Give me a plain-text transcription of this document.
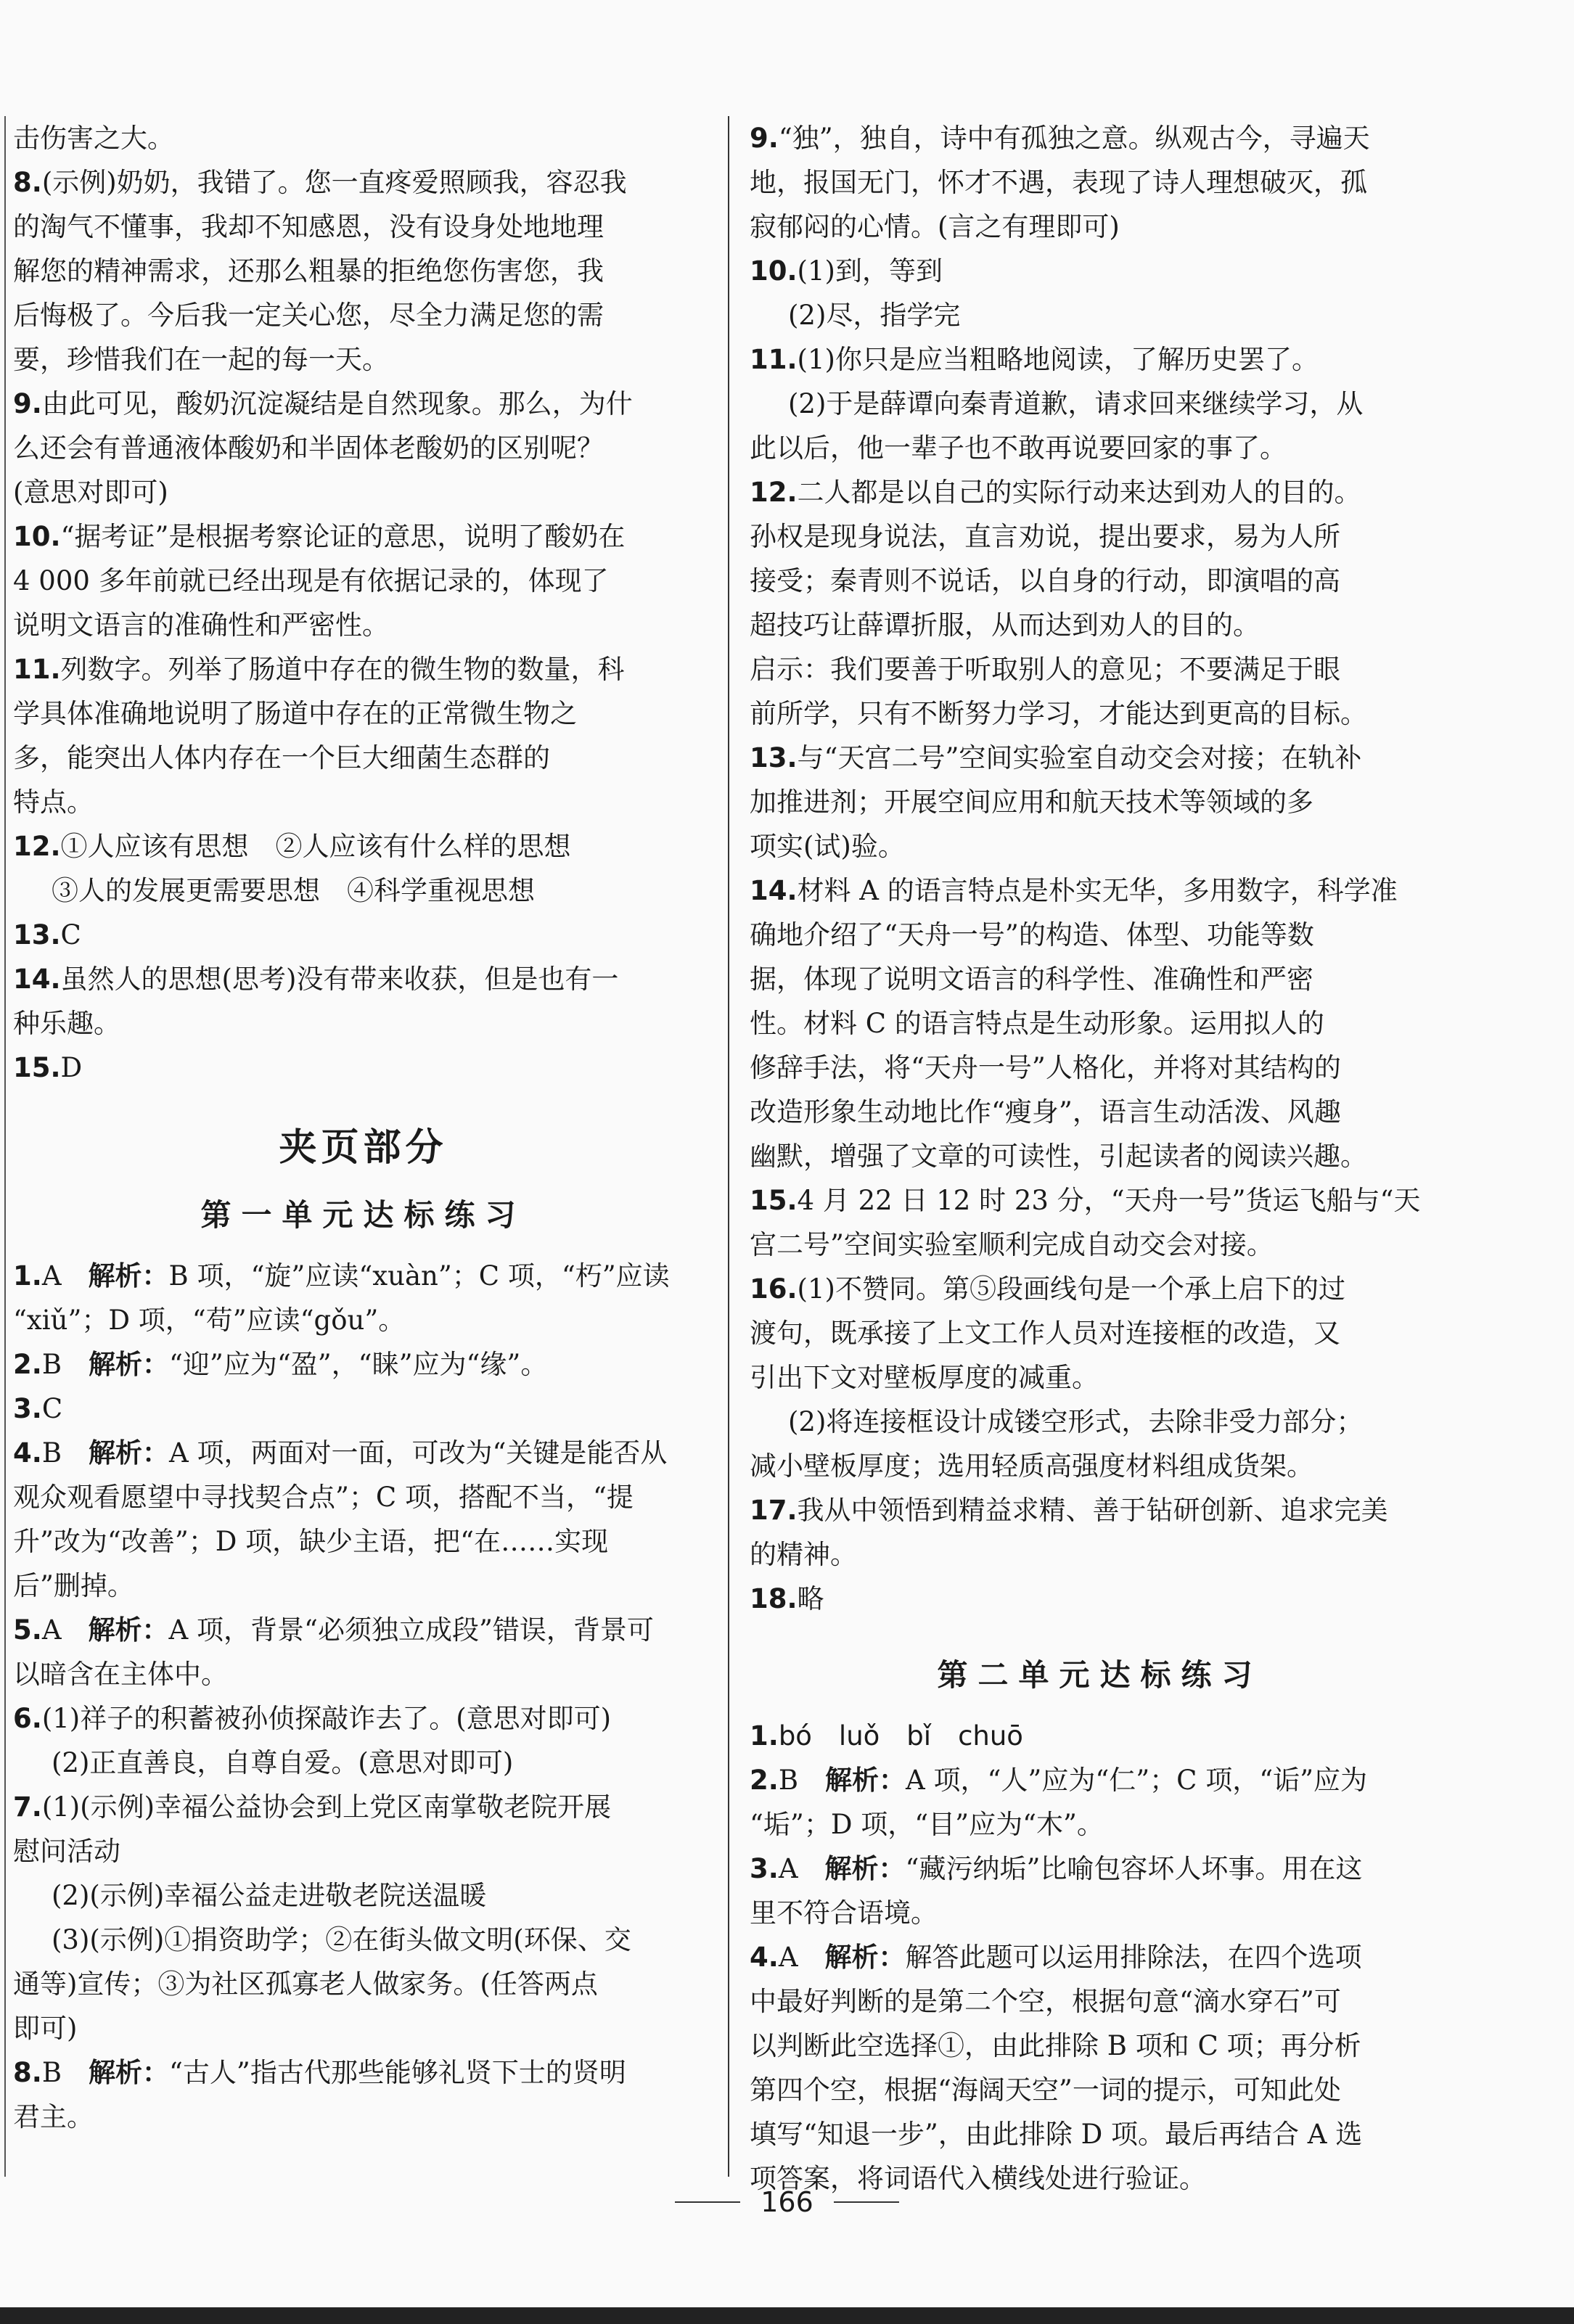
击伤害之大。
8.(示例)奶奶，我错了。您一直疼爱照顾我，容忍我
的淘气不懂事，我却不知感恩，没有设身处地地理
解您的精神需求，还那么粗暴的拒绝您伤害您，我
后悔极了。今后我一定关心您，尽全力满足您的需
要，珍惜我们在一起的每一天。
9.由此可见，酸奶沉淀凝结是自然现象。那么，为什
么还会有普通液体酸奶和半固体老酸奶的区别呢？
(意思对即可)
10.“据考证”是根据考察论证的意思，说明了酸奶在
4 000 多年前就已经出现是有依据记录的，体现了
说明文语言的准确性和严密性。
11.列数字。列举了肠道中存在的微生物的数量，科
学具体准确地说明了肠道中存在的正常微生物之
多，能突出人体内存在一个巨大细菌生态群的
特点。
12.①人应该有思想　②人应该有什么样的思想
③人的发展更需要思想　④科学重视思想
13.C
14.虽然人的思想(思考)没有带来收获，但是也有一
种乐趣。
15.D
夹页部分
第一单元达标练习
1.A　解析：B 项，“旋”应读“xuàn”；C 项，“朽”应读
“xiǔ”；D 项，“苟”应读“gǒu”。
2.B　解析：“迎”应为“盈”，“睐”应为“缘”。
3.C
4.B　解析：A 项，两面对一面，可改为“关键是能否从
观众观看愿望中寻找契合点”；C 项，搭配不当，“提
升”改为“改善”；D 项，缺少主语，把“在……实现
后”删掉。
5.A　解析：A 项，背景“必须独立成段”错误，背景可
以暗含在主体中。
6.(1)祥子的积蓄被孙侦探敲诈去了。(意思对即可)
(2)正直善良，自尊自爱。(意思对即可)
7.(1)(示例)幸福公益协会到上党区南掌敬老院开展
慰问活动
(2)(示例)幸福公益走进敬老院送温暖
(3)(示例)①捐资助学；②在街头做文明(环保、交
通等)宣传；③为社区孤寡老人做家务。(任答两点
即可)
8.B　解析：“古人”指古代那些能够礼贤下士的贤明
君主。
9.“独”，独自，诗中有孤独之意。纵观古今，寻遍天
地，报国无门，怀才不遇，表现了诗人理想破灭，孤
寂郁闷的心情。(言之有理即可)
10.(1)到，等到
(2)尽，指学完
11.(1)你只是应当粗略地阅读，了解历史罢了。
(2)于是薛谭向秦青道歉，请求回来继续学习，从
此以后，他一辈子也不敢再说要回家的事了。
12.二人都是以自己的实际行动来达到劝人的目的。
孙权是现身说法，直言劝说，提出要求，易为人所
接受；秦青则不说话，以自身的行动，即演唱的高
超技巧让薛谭折服，从而达到劝人的目的。
启示：我们要善于听取别人的意见；不要满足于眼
前所学，只有不断努力学习，才能达到更高的目标。
13.与“天宫二号”空间实验室自动交会对接；在轨补
加推进剂；开展空间应用和航天技术等领域的多
项实(试)验。
14.材料 A 的语言特点是朴实无华，多用数字，科学准
确地介绍了“天舟一号”的构造、体型、功能等数
据，体现了说明文语言的科学性、准确性和严密
性。材料 C 的语言特点是生动形象。运用拟人的
修辞手法，将“天舟一号”人格化，并将对其结构的
改造形象生动地比作“瘦身”，语言生动活泼、风趣
幽默，增强了文章的可读性，引起读者的阅读兴趣。
15.4 月 22 日 12 时 23 分，“天舟一号”货运飞船与“天
宫二号”空间实验室顺利完成自动交会对接。
16.(1)不赞同。第⑤段画线句是一个承上启下的过
渡句，既承接了上文工作人员对连接框的改造，又
引出下文对壁板厚度的减重。
(2)将连接框设计成镂空形式，去除非受力部分；
减小壁板厚度；选用轻质高强度材料组成货架。
17.我从中领悟到精益求精、善于钻研创新、追求完美
的精神。
18.略
第二单元达标练习
1.bó　luǒ　bǐ　chuō
2.B　解析：A 项，“人”应为“仁”；C 项，“诟”应为
“垢”；D 项，“目”应为“木”。
3.A　解析：“藏污纳垢”比喻包容坏人坏事。用在这
里不符合语境。
4.A　解析：解答此题可以运用排除法，在四个选项
中最好判断的是第二个空，根据句意“滴水穿石”可
以判断此空选择①，由此排除 B 项和 C 项；再分析
第四个空，根据“海阔天空”一词的提示，可知此处
填写“知退一步”，由此排除 D 项。最后再结合 A 选
项答案，将词语代入横线处进行验证。
166
